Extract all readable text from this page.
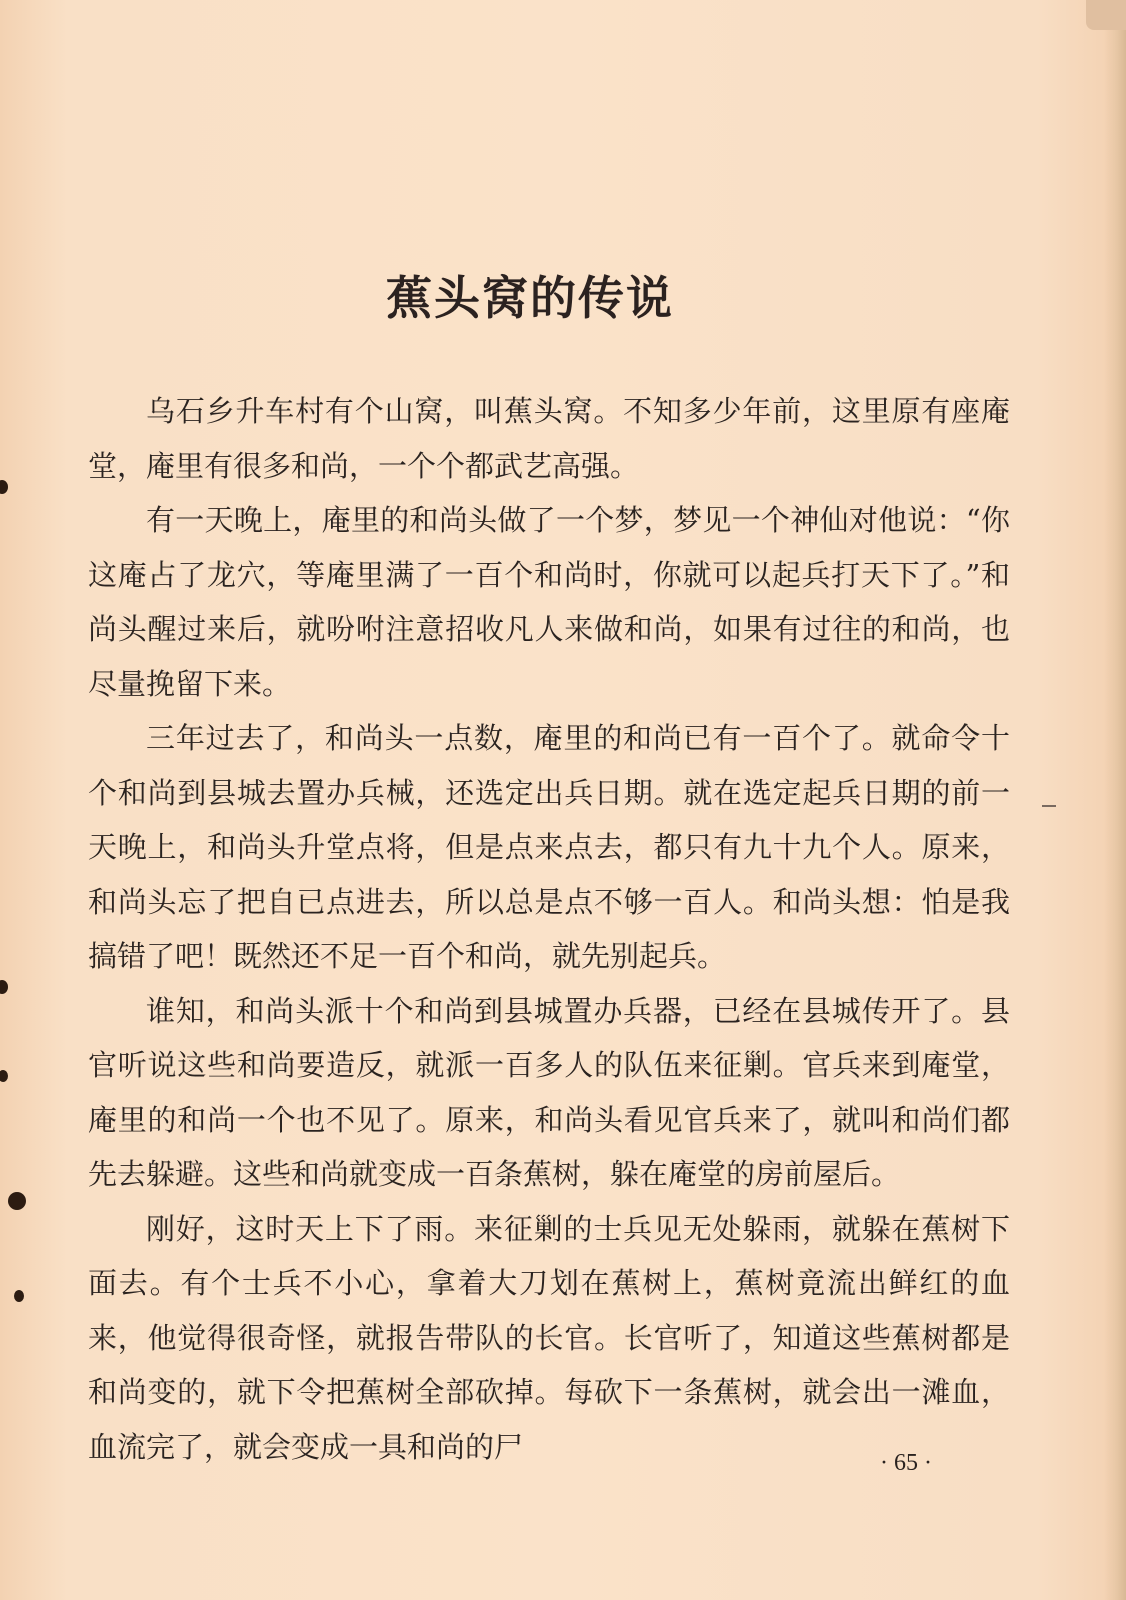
蕉头窝的传说

乌石乡升车村有个山窝，叫蕉头窝。不知多少年前，这里原有座庵堂，庵里有很多和尚，一个个都武艺高强。

有一天晚上，庵里的和尚头做了一个梦，梦见一个神仙对他说：“你这庵占了龙穴，等庵里满了一百个和尚时，你就可以起兵打天下了。”和尚头醒过来后，就吩咐注意招收凡人来做和尚，如果有过往的和尚，也尽量挽留下来。

三年过去了，和尚头一点数，庵里的和尚已有一百个了。就命令十个和尚到县城去置办兵械，还选定出兵日期。就在选定起兵日期的前一天晚上，和尚头升堂点将，但是点来点去，都只有九十九个人。原来，和尚头忘了把自已点进去，所以总是点不够一百人。和尚头想：怕是我搞错了吧！既然还不足一百个和尚，就先别起兵。

谁知，和尚头派十个和尚到县城置办兵器，已经在县城传开了。县官听说这些和尚要造反，就派一百多人的队伍来征剿。官兵来到庵堂，庵里的和尚一个也不见了。原来，和尚头看见官兵来了，就叫和尚们都先去躲避。这些和尚就变成一百条蕉树，躲在庵堂的房前屋后。

刚好，这时天上下了雨。来征剿的士兵见无处躲雨，就躲在蕉树下面去。有个士兵不小心，拿着大刀划在蕉树上，蕉树竟流出鲜红的血来，他觉得很奇怪，就报告带队的长官。长官听了，知道这些蕉树都是和尚变的，就下令把蕉树全部砍掉。每砍下一条蕉树，就会出一滩血，血流完了，就会变成一具和尚的尸	· 65 ·
